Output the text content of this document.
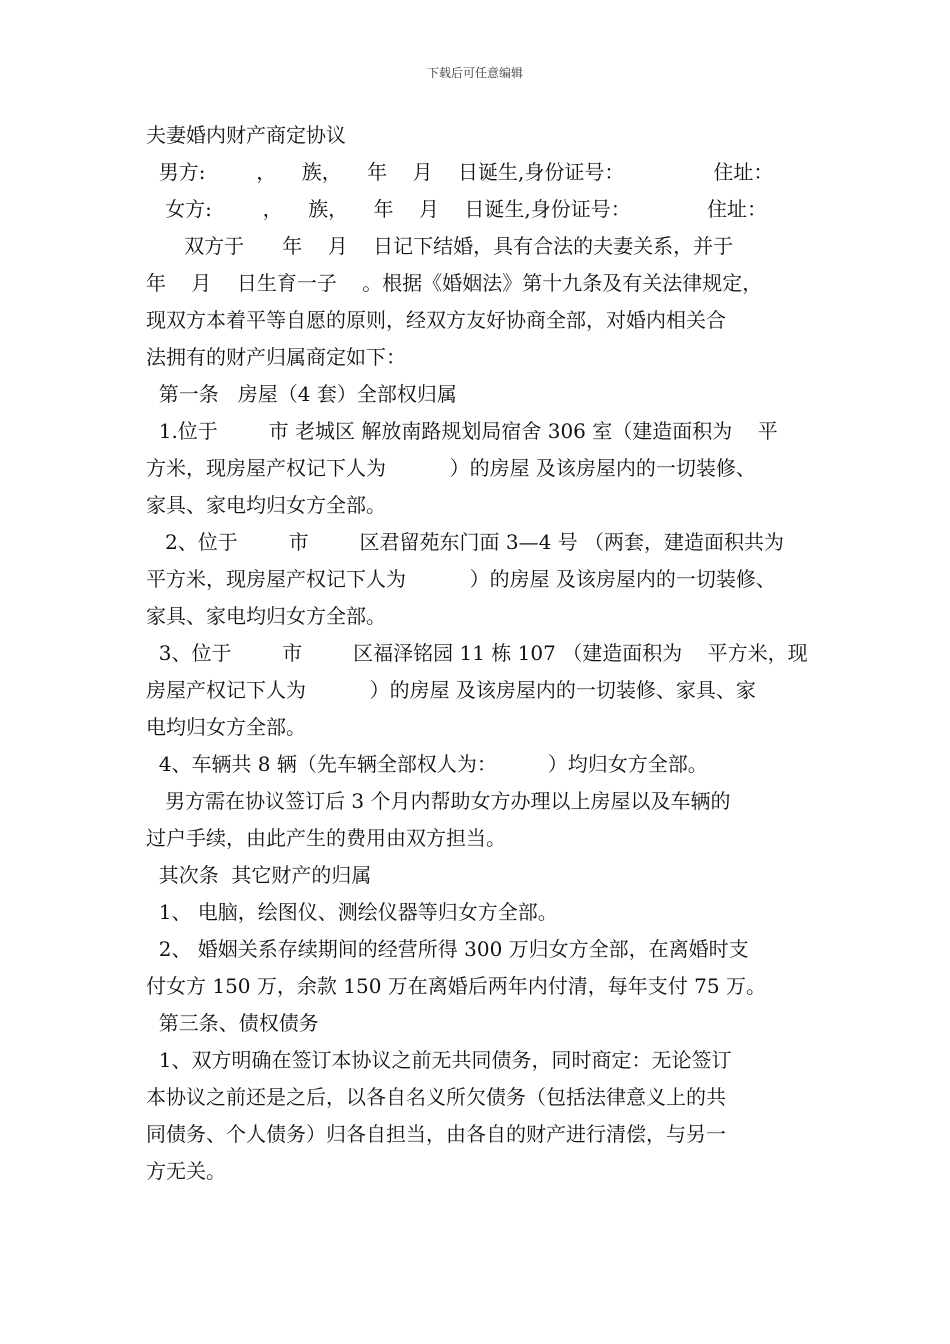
下载后可任意编辑
夫妻婚内财产商定协议
男方:        ，    族，    年    月    日诞生,身份证号：              住址：
女方:        ，    族，    年    月    日诞生,身份证号：            住址：
双方于      年    月    日记下结婚，具有合法的夫妻关系，并于
年    月    日生育一子    。根据《婚姻法》第十九条及有关法律规定，
现双方本着平等自愿的原则，经双方友好协商全部，对婚内相关合
法拥有的财产归属商定如下：
第一条   房屋（4 套）全部权归属
1.位于        市 老城区 解放南路规划局宿舍 306 室（建造面积为    平
方米，现房屋产权记下人为          ）的房屋 及该房屋内的一切装修、
家具、家电均归女方全部。
2、位于        市        区君留苑东门面 3—4 号 （两套，建造面积共为
平方米，现房屋产权记下人为          ）的房屋 及该房屋内的一切装修、
家具、家电均归女方全部。
3、位于        市        区福泽铭园 11 栋 107 （建造面积为    平方米，现
房屋产权记下人为          ）的房屋 及该房屋内的一切装修、家具、家
电均归女方全部。
4、车辆共 8 辆（先车辆全部权人为：        ）均归女方全部。
男方需在协议签订后 3 个月内帮助女方办理以上房屋以及车辆的
过户手续，由此产生的费用由双方担当。
其次条  其它财产的归属
1、 电脑，绘图仪、测绘仪器等归女方全部。
2、 婚姻关系存续期间的经营所得 300 万归女方全部，在离婚时支
付女方 150 万，余款 150 万在离婚后两年内付清，每年支付 75 万。
第三条、债权债务
1、双方明确在签订本协议之前无共同债务，同时商定：无论签订
本协议之前还是之后，以各自名义所欠债务（包括法律意义上的共
同债务、个人债务）归各自担当，由各自的财产进行清偿，与另一
方无关。
